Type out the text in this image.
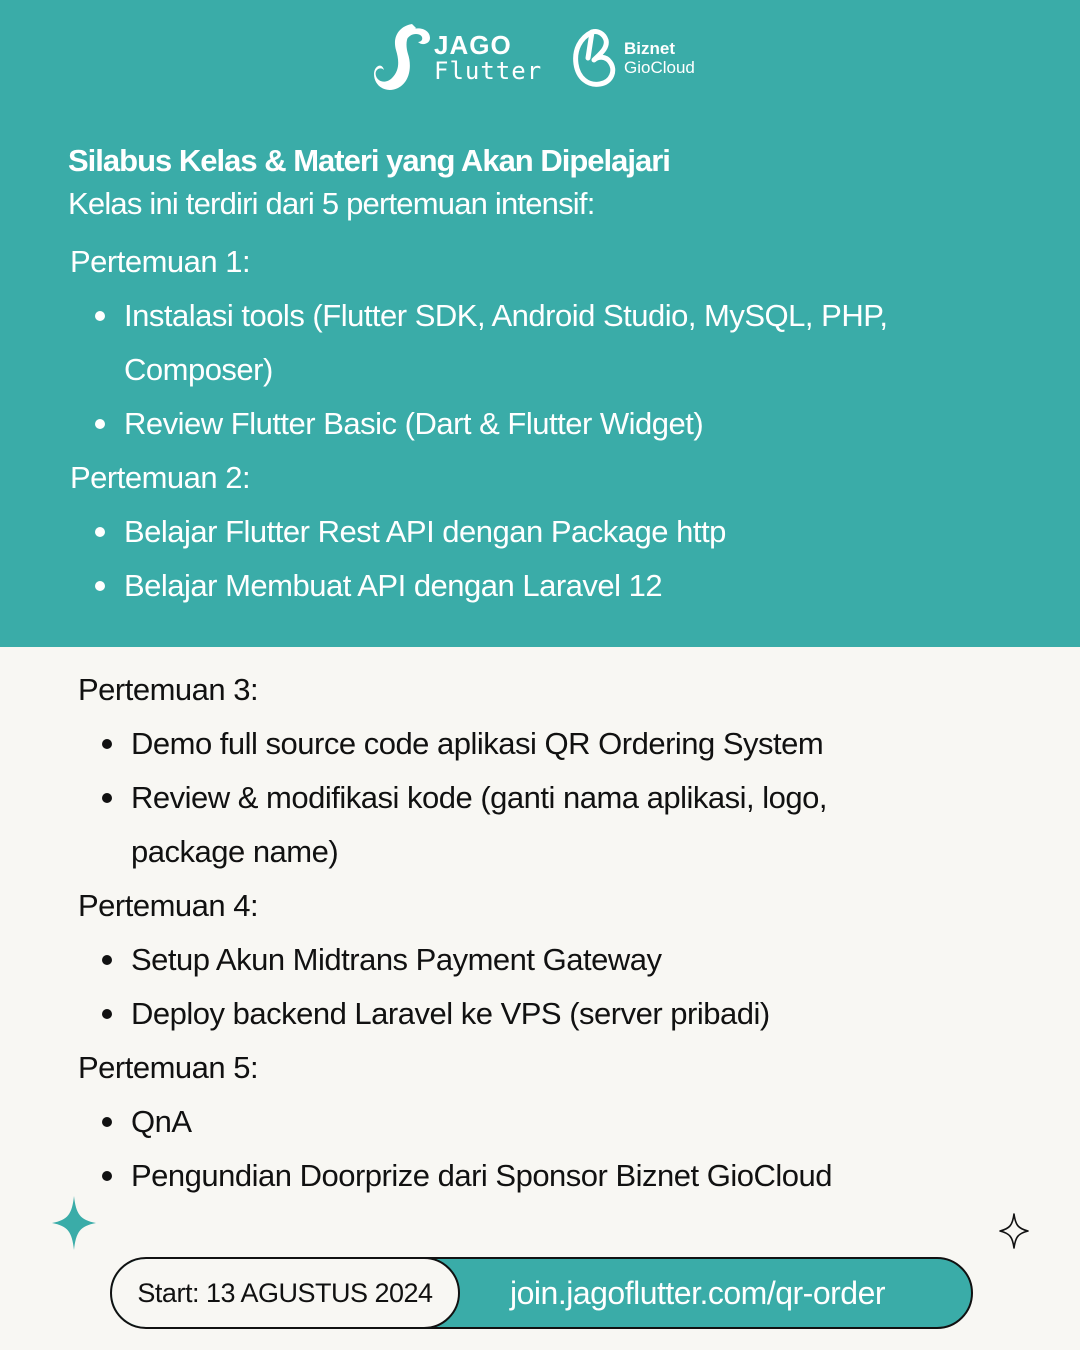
JAGO
Flutter
Biznet
GioCloud
Silabus Kelas & Materi yang Akan Dipelajari
Kelas ini terdiri dari 5 pertemuan intensif:
Pertemuan 1:
Instalasi tools (Flutter SDK, Android Studio, MySQL, PHP,
Composer)
Review Flutter Basic (Dart & Flutter Widget)
Pertemuan 2:
Belajar Flutter Rest API dengan Package http
Belajar Membuat API dengan Laravel 12
Pertemuan 3:
Demo full source code aplikasi QR Ordering System
Review & modifikasi kode (ganti nama aplikasi, logo,
package name)
Pertemuan 4:
Setup Akun Midtrans Payment Gateway
Deploy backend Laravel ke VPS (server pribadi)
Pertemuan 5:
QnA
Pengundian Doorprize dari Sponsor Biznet GioCloud
Start: 13 AGUSTUS 2024 join.jagoflutter.com/qr-order
